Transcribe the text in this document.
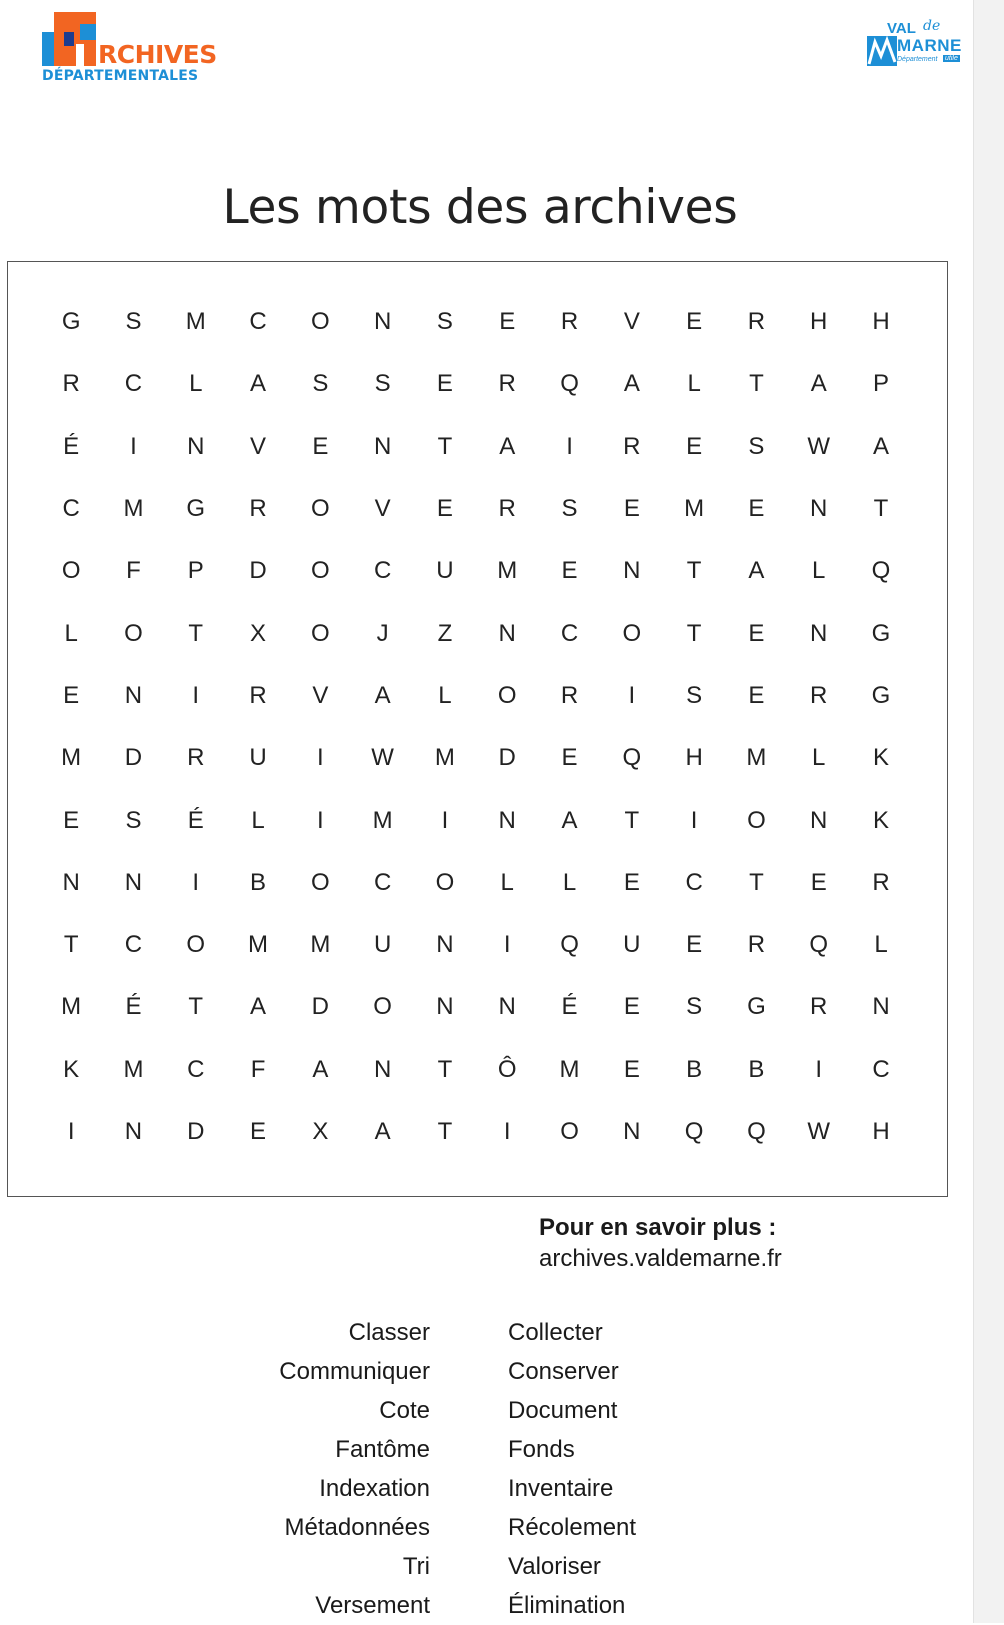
RCHIVES
DÉPARTEMENTALES
VAL de
MARNE
Département utile
Les mots des archives
G	S	M	C	O	N	S	E	R	V	E	R	H	H
R	C	L	A	S	S	E	R	Q	A	L	T	A	P
É	I	N	V	E	N	T	A	I	R	E	S	W	A
C	M	G	R	O	V	E	R	S	E	M	E	N	T
O	F	P	D	O	C	U	M	E	N	T	A	L	Q
L	O	T	X	O	J	Z	N	C	O	T	E	N	G
E	N	I	R	V	A	L	O	R	I	S	E	R	G
M	D	R	U	I	W	M	D	E	Q	H	M	L	K
E	S	É	L	I	M	I	N	A	T	I	O	N	K
N	N	I	B	O	C	O	L	L	E	C	T	E	R
T	C	O	M	M	U	N	I	Q	U	E	R	Q	L
M	É	T	A	D	O	N	N	É	E	S	G	R	N
K	M	C	F	A	N	T	Ô	M	E	B	B	I	C
I	N	D	E	X	A	T	I	O	N	Q	Q	W	H
Pour en savoir plus :
archives.valdemarne.fr
Classer
Communiquer
Cote
Fantôme
Indexation
Métadonnées
Tri
Versement
Collecter
Conserver
Document
Fonds
Inventaire
Récolement
Valoriser
Élimination
